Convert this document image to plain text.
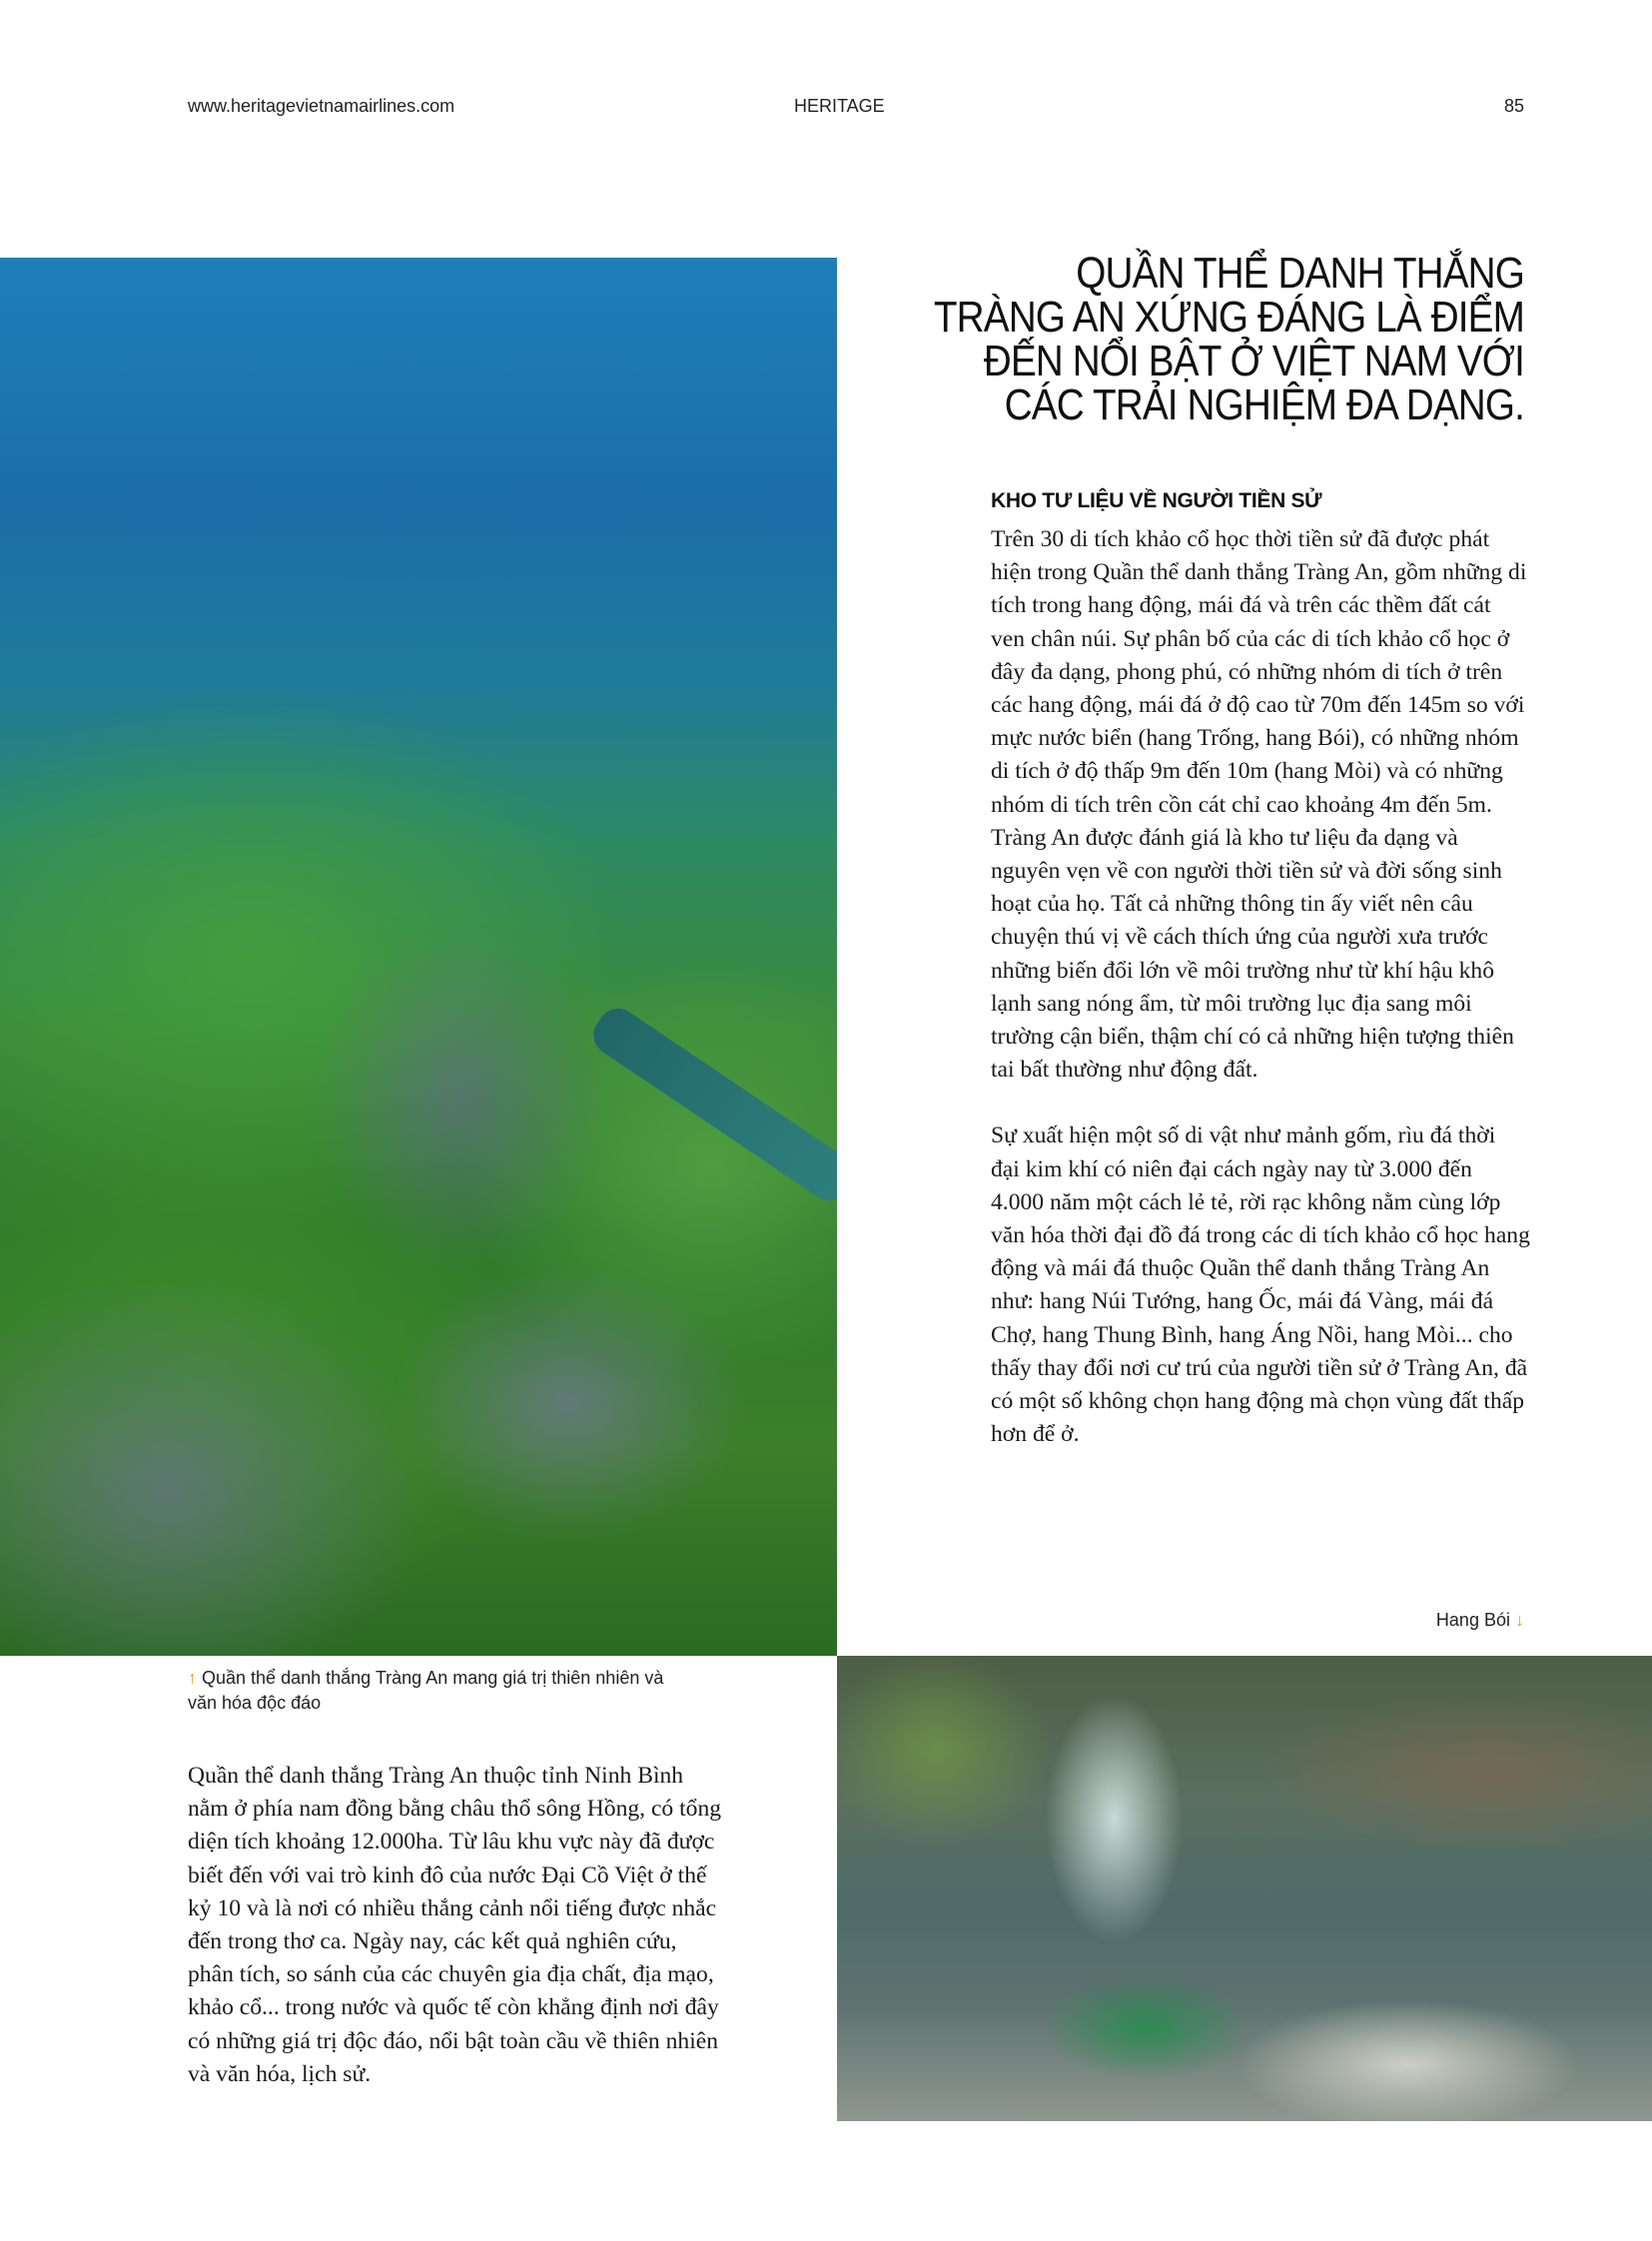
www.heritagevietnamairlines.com	HERITAGE	85
QUẦN THỂ DANH THẮNG
TRÀNG AN XỨNG ĐÁNG LÀ ĐIỂM
ĐẾN NỔI BẬT Ở VIỆT NAM VỚI
CÁC TRẢI NGHIỆM ĐA DẠNG.
KHO TƯ LIỆU VỀ NGƯỜI TIỀN SỬ

Trên 30 di tích khảo cổ học thời tiền sử đã được phát hiện trong Quần thể danh thắng Tràng An, gồm những di tích trong hang động, mái đá và trên các thềm đất cát ven chân núi. Sự phân bố của các di tích khảo cổ học ở đây đa dạng, phong phú, có những nhóm di tích ở trên các hang động, mái đá ở độ cao từ 70m đến 145m so với mực nước biển (hang Trống, hang Bói), có những nhóm di tích ở độ thấp 9m đến 10m (hang Mòi) và có những nhóm di tích trên cồn cát chỉ cao khoảng 4m đến 5m. Tràng An được đánh giá là kho tư liệu đa dạng và nguyên vẹn về con người thời tiền sử và đời sống sinh hoạt của họ. Tất cả những thông tin ấy viết nên câu chuyện thú vị về cách thích ứng của người xưa trước những biến đổi lớn về môi trường như từ khí hậu khô lạnh sang nóng ẩm, từ môi trường lục địa sang môi trường cận biển, thậm chí có cả những hiện tượng thiên tai bất thường như động đất.

Sự xuất hiện một số di vật như mảnh gốm, rìu đá thời đại kim khí có niên đại cách ngày nay từ 3.000 đến 4.000 năm một cách lẻ tẻ, rời rạc không nằm cùng lớp văn hóa thời đại đồ đá trong các di tích khảo cổ học hang động và mái đá thuộc Quần thể danh thắng Tràng An như: hang Núi Tướng, hang Ốc, mái đá Vàng, mái đá Chợ, hang Thung Bình, hang Áng Nồi, hang Mòi... cho thấy thay đổi nơi cư trú của người tiền sử ở Tràng An, đã có một số không chọn hang động mà chọn vùng đất thấp hơn để ở.

Hang Bói ↓
↑ Quần thể danh thắng Tràng An mang giá trị thiên nhiên và văn hóa độc đáo

Quần thể danh thắng Tràng An thuộc tỉnh Ninh Bình nằm ở phía nam đồng bằng châu thổ sông Hồng, có tổng diện tích khoảng 12.000ha. Từ lâu khu vực này đã được biết đến với vai trò kinh đô của nước Đại Cồ Việt ở thế kỷ 10 và là nơi có nhiều thắng cảnh nổi tiếng được nhắc đến trong thơ ca. Ngày nay, các kết quả nghiên cứu, phân tích, so sánh của các chuyên gia địa chất, địa mạo, khảo cổ... trong nước và quốc tế còn khẳng định nơi đây có những giá trị độc đáo, nổi bật toàn cầu về thiên nhiên và văn hóa, lịch sử.
